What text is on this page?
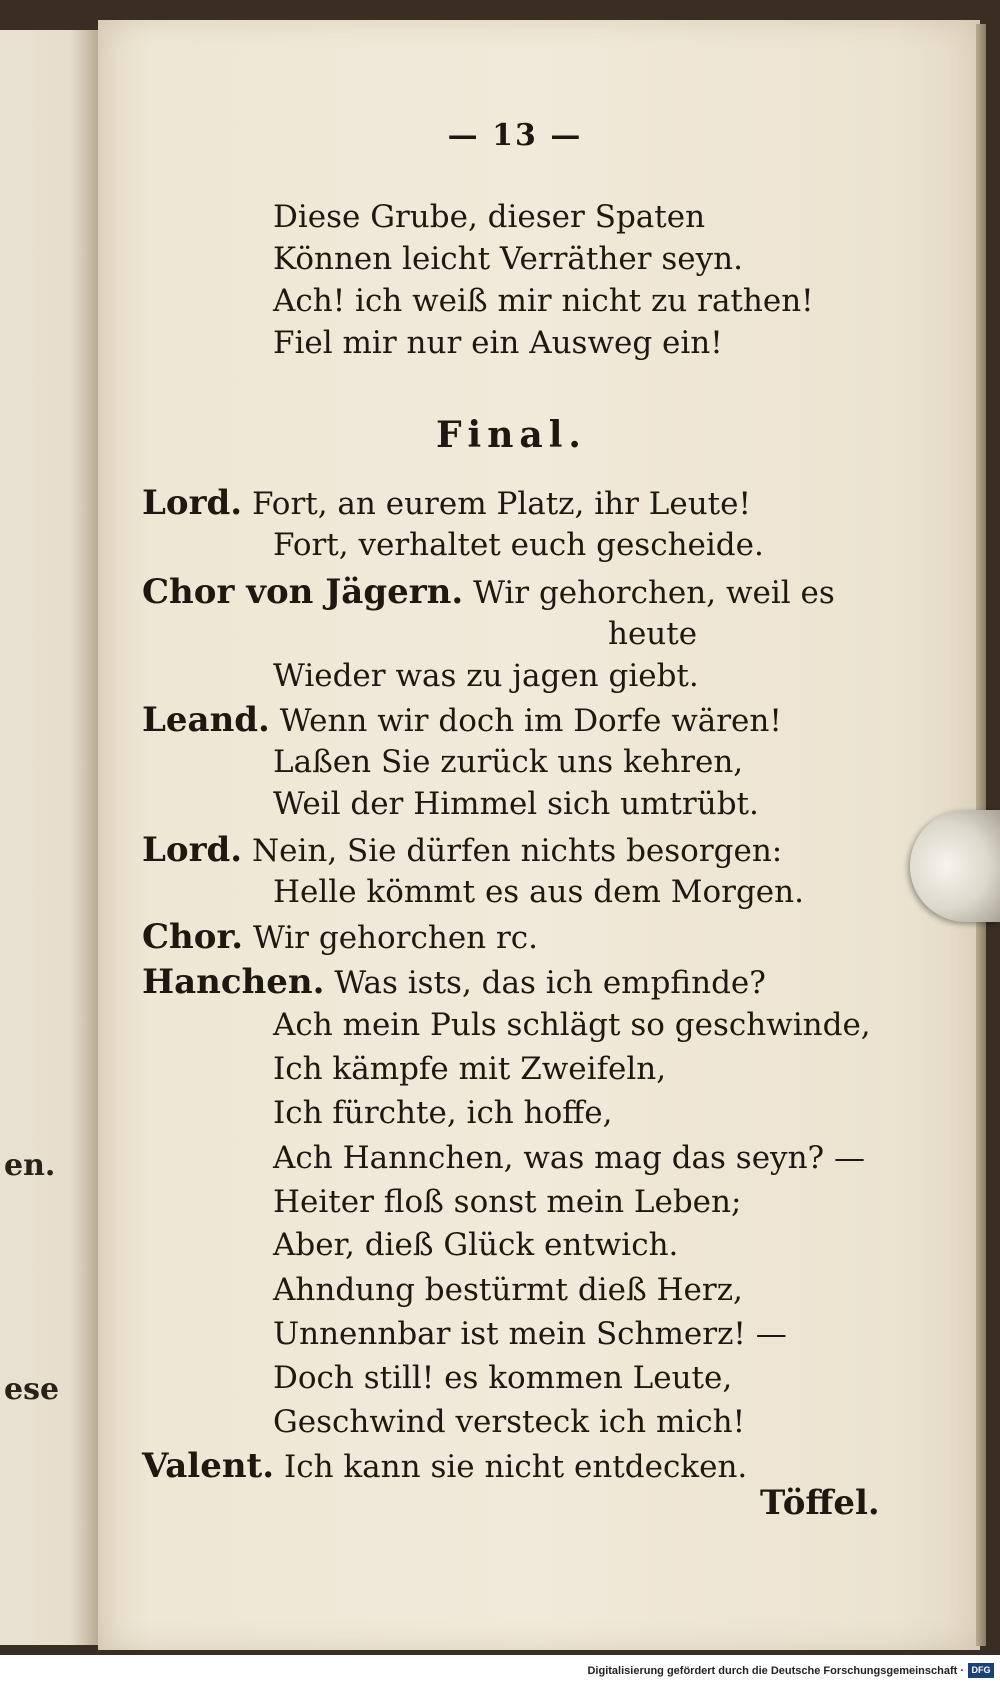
en.
ese
— 13 —
Diese Grube, dieser Spaten
Können leicht Verräther seyn.
Ach! ich weiß mir nicht zu rathen!
Fiel mir nur ein Ausweg ein!
Final.
Lord. Fort, an eurem Platz, ihr Leute!
Fort, verhaltet euch gescheide.
Chor von Jägern. Wir gehorchen, weil es
heute
Wieder was zu jagen giebt.
Leand. Wenn wir doch im Dorfe wären!
Laßen Sie zurück uns kehren,
Weil der Himmel sich umtrübt.
Lord. Nein, Sie dürfen nichts besorgen:
Helle kömmt es aus dem Morgen.
Chor. Wir gehorchen rc.
Hanchen. Was ists, das ich empfinde?
Ach mein Puls schlägt so geschwinde,
Ich kämpfe mit Zweifeln,
Ich fürchte, ich hoffe,
Ach Hannchen, was mag das seyn? —
Heiter floß sonst mein Leben;
Aber, dieß Glück entwich.
Ahndung bestürmt dieß Herz,
Unnennbar ist mein Schmerz! —
Doch still! es kommen Leute,
Geschwind versteck ich mich!
Valent. Ich kann sie nicht entdecken.
Töffel.
Digitalisierung gefördert durch die Deutsche Forschungsgemeinschaft · DFG
